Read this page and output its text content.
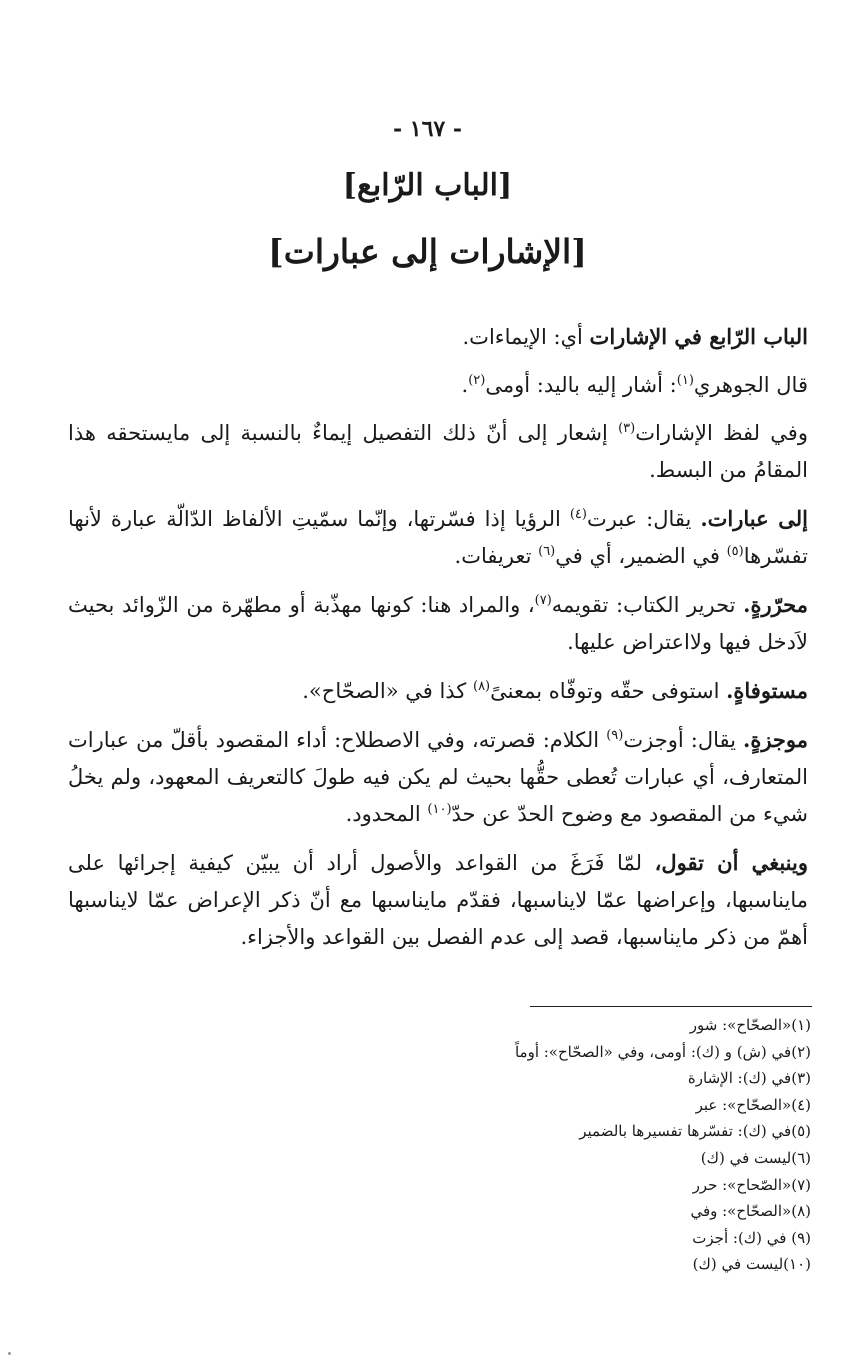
- ١٦٧ -
[الباب الرّابع]
[الإشارات إلى عبارات]

الباب الرّابع في الإشارات أي: الإيماءات.

قال الجوهري$^{(١)}$: أشار إليه باليد: أومى$^{(٢)}$.

وفي لفظ الإشارات$^{(٣)}$ إشعار إلى أنّ ذلك التفصيل إيماءٌ بالنسبة إلى مايستحقه هذا المقامُ من البسط.

إلى عبارات. يقال: عبرت$^{(٤)}$ الرؤيا إذا فسّرتها، وإنّما سمّيتِ الألفاظ الدّالّة عبارة لأنها تفسّرها$^{(٥)}$ في الضمير، أي في$^{(٦)}$ تعريفات.

محرّرةٍ. تحرير الكتاب: تقويمه$^{(٧)}$، والمراد هنا: كونها مهذّبة أو مطهّرة من الزّوائد بحيث لاَدخل فيها ولااعتراض عليها.

مستوفاةٍ. استوفى حقّه وتوفّاه بمعنىً$^{(٨)}$ كذا في «الصحّاح».

موجزةٍ. يقال: أوجزت$^{(٩)}$ الكلام: قصرته، وفي الاصطلاح: أداء المقصود بأقلّ من عبارات المتعارف، أي عبارات تُعطى حقُّها بحيث لم يكن فيه طولَ كالتعريف المعهود، ولم يخلُ شيء من المقصود مع وضوح الحدّ عن حدّ$^{(١٠)}$ المحدود.

وينبغي أن تقول، لمّا فَرَغَ من القواعد والأصول أراد أن يبيّن كيفية إجرائها على ماينا‌سبها، وإعراضها عمّا لايناسبها، فقدّم ماينا‌سبها مع أنّ ذكر الإعراض عمّا لايناسبها أهمّ من ذكر ماينا‌سبها، قصد إلى عدم الفصل بين القواعد والأجزاء.

(١)«الصحّاح»: شور
(٢)في (ش) و (ك): أومى، وفي «الصحّاح»: أوماً
(٣)في (ك): الإشارة
(٤)«الصحّاح»: عبر
(٥)في (ك): تفسّرها تفسيرها بالضمير
(٦)ليست في (ك)
(٧)«الصّحاح»: حرر
(٨)«الصحّاح»: وفي
(٩) في (ك): أجزت
(١٠)ليست في (ك)
